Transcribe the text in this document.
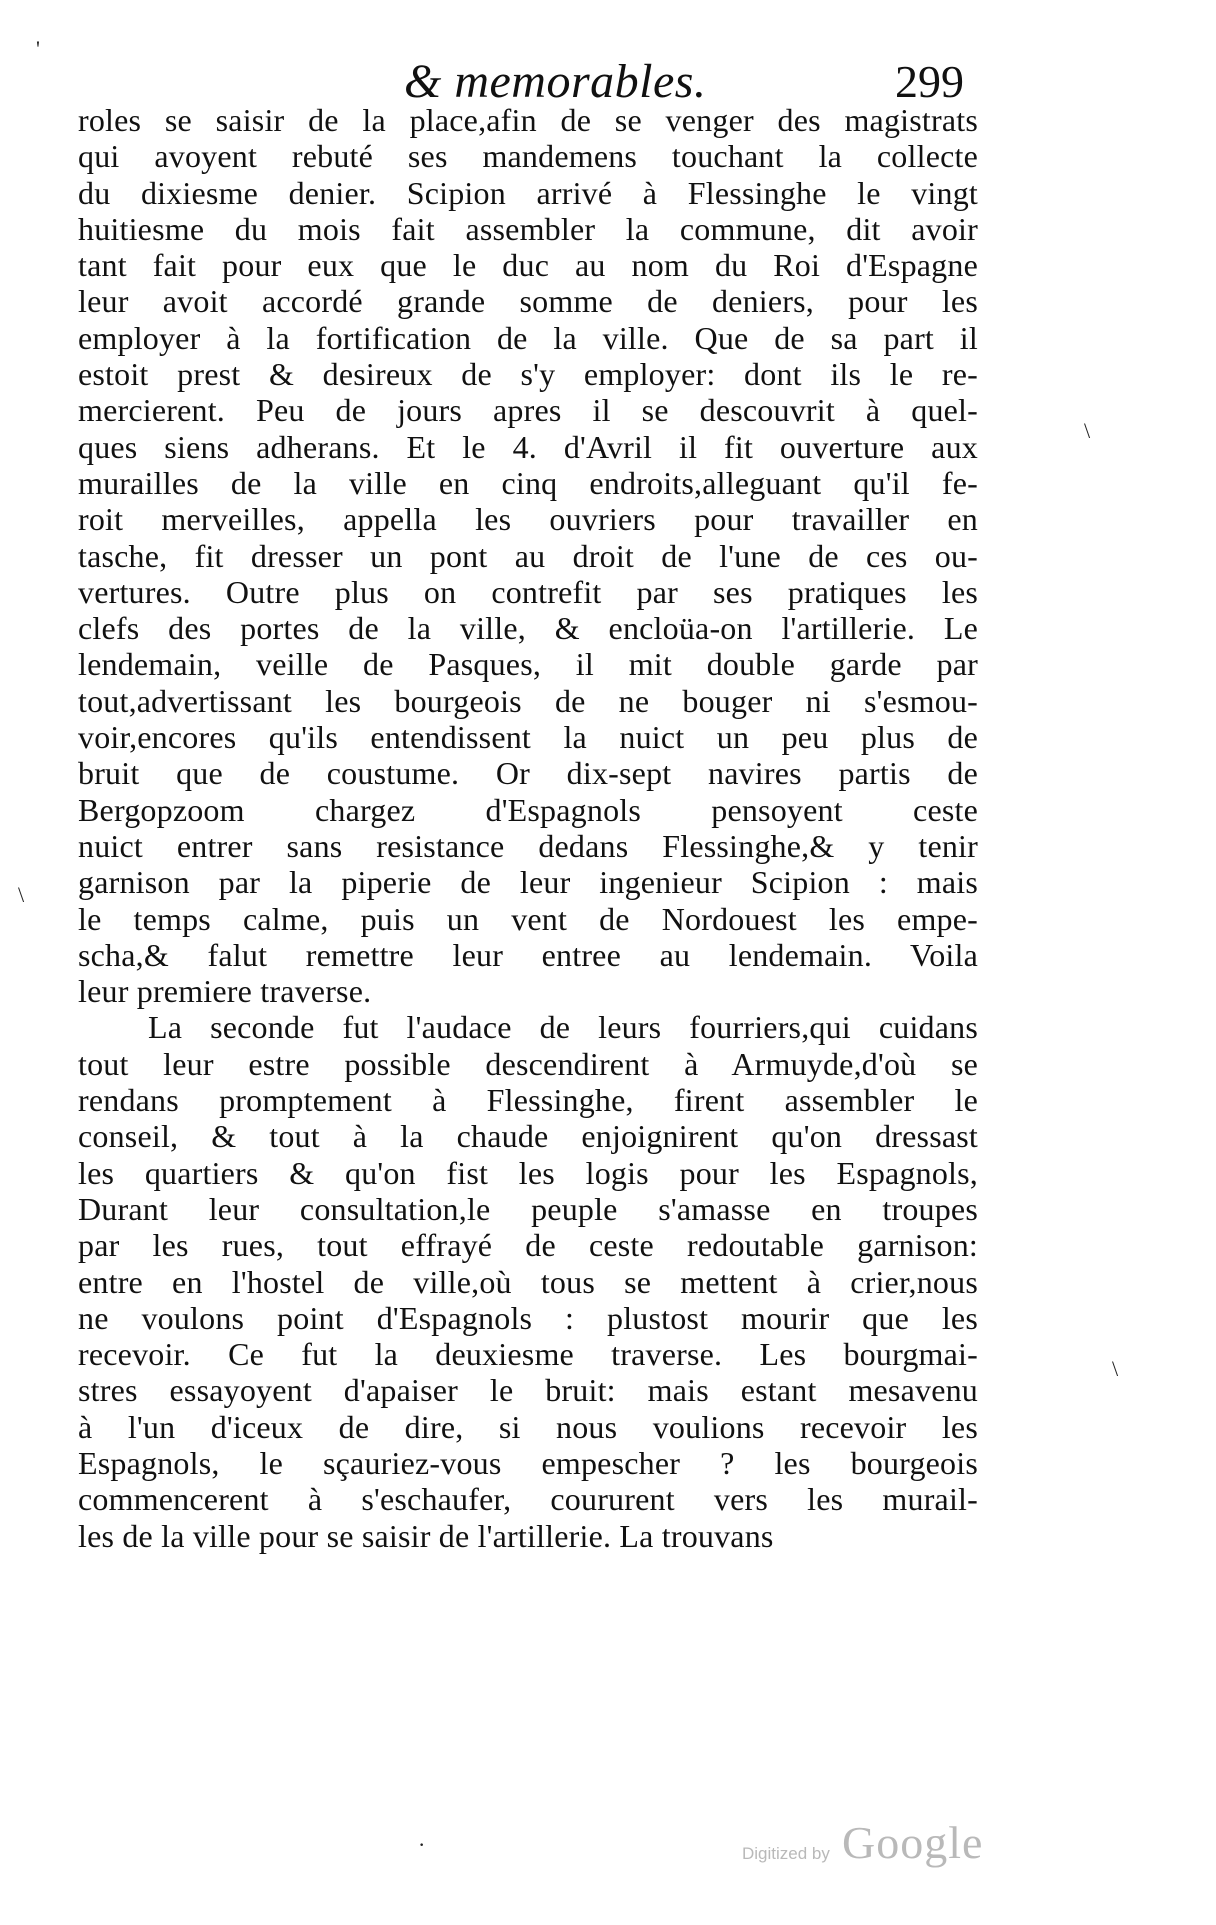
& memorables.	299
'
\
\
\
·
roles se saisir de la place,afin de se venger des magistrats
qui avoyent rebuté ses mandemens touchant la collecte
du dixiesme denier. Scipion arrivé à Flessinghe le vingt
huitiesme du mois fait assembler la commune, dit avoir
tant fait pour eux que le duc au nom du Roi d'Espagne
leur avoit accordé grande somme de deniers, pour les
employer à la fortification de la ville. Que de sa part il
estoit prest & desireux de s'y employer: dont ils le re-
mercierent. Peu de jours apres il se descouvrit à quel-
ques siens adherans. Et le 4. d'Avril il fit ouverture aux
murailles de la ville en cinq endroits,alleguant qu'il fe-
roit merveilles, appella les ouvriers pour travailler en
tasche, fit dresser un pont au droit de l'une de ces ou-
vertures. Outre plus on contrefit par ses pratiques les
clefs des portes de la ville, & encloüa-on l'artillerie. Le
lendemain, veille de Pasques, il mit double garde par
tout,advertissant les bourgeois de ne bouger ni s'esmou-
voir,encores qu'ils entendissent la nuict un peu plus de
bruit que de coustume. Or dix-sept navires partis de
Bergopzoom chargez d'Espagnols pensoyent ceste
nuict entrer sans resistance dedans Flessinghe,& y tenir
garnison par la piperie de leur ingenieur Scipion : mais
le temps calme, puis un vent de Nordouest les empe-
scha,& falut remettre leur entree au lendemain. Voila
leur premiere traverse.
La seconde fut l'audace de leurs fourriers,qui cuidans
tout leur estre possible descendirent à Armuyde,d'où se
rendans promptement à Flessinghe, firent assembler le
conseil, & tout à la chaude enjoignirent qu'on dressast
les quartiers & qu'on fist les logis pour les Espagnols,
Durant leur consultation,le peuple s'amasse en troupes
par les rues, tout effrayé de ceste redoutable garnison:
entre en l'hostel de ville,où tous se mettent à crier,nous
ne voulons point d'Espagnols : plustost mourir que les
recevoir. Ce fut la deuxiesme traverse. Les bourgmai-
stres essayoyent d'apaiser le bruit: mais estant mesavenu
à l'un d'iceux de dire, si nous voulions recevoir les
Espagnols, le sçauriez-vous empescher ? les bourgeois
commencerent à s'eschaufer, coururent vers les murail-
les de la ville pour se saisir de l'artillerie. La trouvans
Digitized by Google
